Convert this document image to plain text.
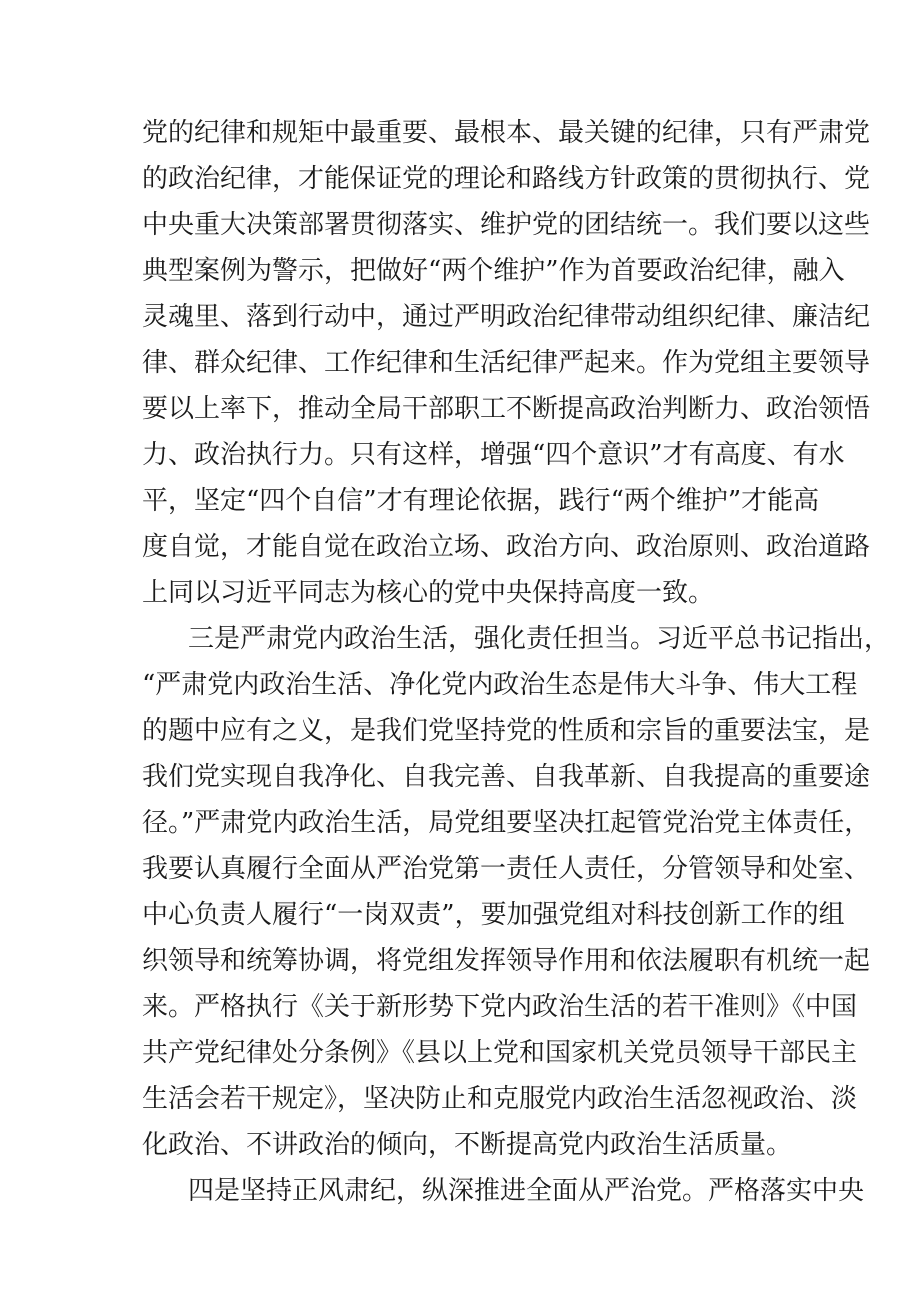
党的纪律和规矩中最重要、最根本、最关键的纪律，只有严肃党
的政治纪律，才能保证党的理论和路线方针政策的贯彻执行、党
中央重大决策部署贯彻落实、维护党的团结统一。我们要以这些
典型案例为警示，把做好“两个维护”作为首要政治纪律，融入
灵魂里、落到行动中，通过严明政治纪律带动组织纪律、廉洁纪
律、群众纪律、工作纪律和生活纪律严起来。作为党组主要领导
要以上率下，推动全局干部职工不断提高政治判断力、政治领悟
力、政治执行力。只有这样，增强“四个意识”才有高度、有水
平，坚定“四个自信”才有理论依据，践行“两个维护”才能高
度自觉，才能自觉在政治立场、政治方向、政治原则、政治道路
上同以习近平同志为核心的党中央保持高度一致。
三是严肃党内政治生活，强化责任担当。习近平总书记指出，
“严肃党内政治生活、净化党内政治生态是伟大斗争、伟大工程
的题中应有之义，是我们党坚持党的性质和宗旨的重要法宝，是
我们党实现自我净化、自我完善、自我革新、自我提高的重要途
径。”严肃党内政治生活，局党组要坚决扛起管党治党主体责任，
我要认真履行全面从严治党第一责任人责任，分管领导和处室、
中心负责人履行“一岗双责”，要加强党组对科技创新工作的组
织领导和统筹协调，将党组发挥领导作用和依法履职有机统一起
来。严格执行《关于新形势下党内政治生活的若干准则》《中国
共产党纪律处分条例》《县以上党和国家机关党员领导干部民主
生活会若干规定》，坚决防止和克服党内政治生活忽视政治、淡
化政治、不讲政治的倾向，不断提高党内政治生活质量。
四是坚持正风肃纪，纵深推进全面从严治党。严格落实中央
